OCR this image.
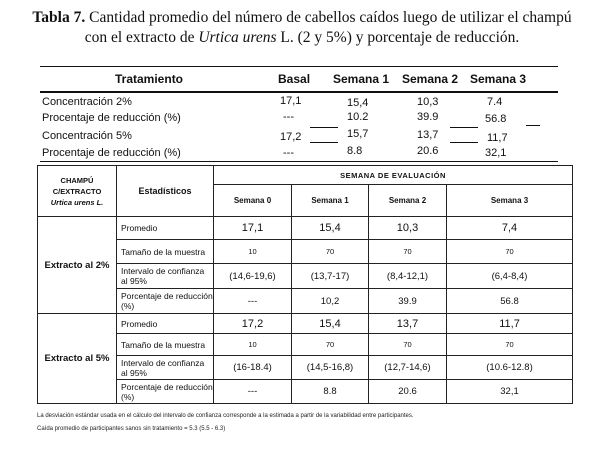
Tabla 7. Cantidad promedio del número de cabellos caídos luego de utilizar el champú con el extracto de Urtica urens L. (2 y 5%) y porcentaje de reducción.
Tratamiento	Basal Semana 1 Semana 2 Semana 3
Concentración 2%	17,1	15,4	10,3	7.4
Procentaje de reducción (%)	---	10.2	39.9	56.8
Concentración 5%	17,2	15,7	13,7	11,7
Procentaje de reducción (%)	---	8.8	20.6	32,1
CHAMPÚ
C/EXTRACTO
Urtica urens L.	Estadísticos	SEMANA DE EVALUACIÓN			
		Semana 0	Semana 1	Semana 2	Semana 3
Extracto al 2%	Promedio	17,1	15,4	10,3	7,4
	Tamaño de la muestra	10	70	70	70
	Intervalo de confianza al 95%	(14,6-19,6)	(13,7-17)	(8,4-12,1)	(6,4-8,4)
	Porcentaje de reducción (%)	---	10,2	39.9	56.8
Extracto al 5%	Promedio	17,2	15,4	13,7	11,7
	Tamaño de la muestra	10	70	70	70
	Intervalo de confianza al 95%	(16-18.4)	(14,5-16,8)	(12,7-14,6)	(10.6-12.8)
	Porcentaje de reducción (%)	---	8.8	20.6	32,1
La desviación estándar usada en el cálculo del intervalo de confianza corresponde a la estimada a partir de la variabilidad entre participantes.
Caída promedio de participantes sanos sin tratamiento = 5.3 (5.5 - 6.3)
